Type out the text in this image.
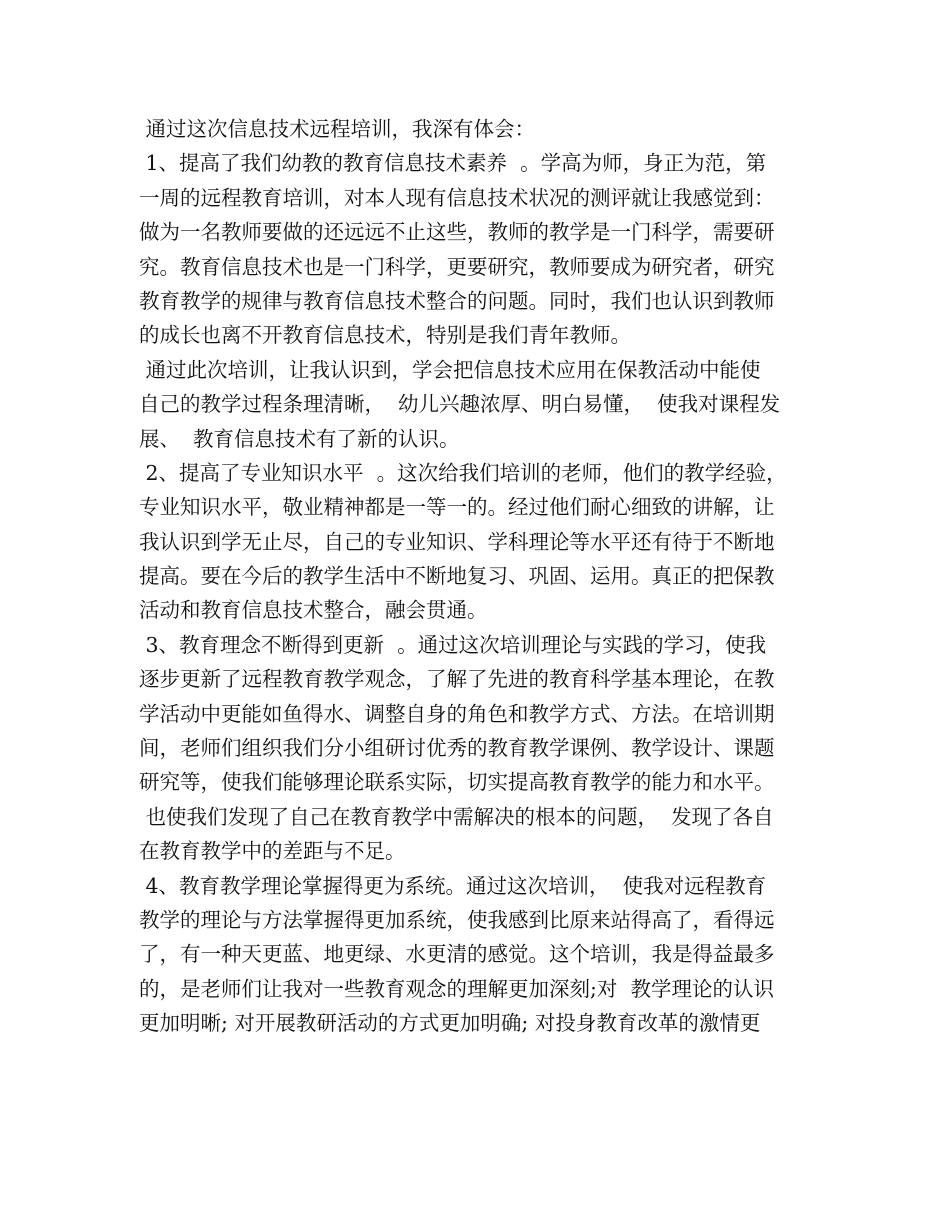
通过这次信息技术远程培训，我深有体会：
1、提高了我们幼教的教育信息技术素养  。学高为师，身正为范，第
一周的远程教育培训，对本人现有信息技术状况的测评就让我感觉到：
做为一名教师要做的还远远不止这些，教师的教学是一门科学，需要研
究。教育信息技术也是一门科学，更要研究，教师要成为研究者，研究
教育教学的规律与教育信息技术整合的问题。同时，我们也认识到教师
的成长也离不开教育信息技术，特别是我们青年教师。
通过此次培训，让我认识到，学会把信息技术应用在保教活动中能使
自己的教学过程条理清晰，  幼儿兴趣浓厚、明白易懂，  使我对课程发
展、  教育信息技术有了新的认识。
2、提高了专业知识水平  。这次给我们培训的老师，他们的教学经验，
专业知识水平，敬业精神都是一等一的。经过他们耐心细致的讲解，让
我认识到学无止尽，自己的专业知识、学科理论等水平还有待于不断地
提高。要在今后的教学生活中不断地复习、巩固、运用。真正的把保教
活动和教育信息技术整合，融会贯通。
3、教育理念不断得到更新  。通过这次培训理论与实践的学习，使我
逐步更新了远程教育教学观念，了解了先进的教育科学基本理论，在教
学活动中更能如鱼得水、调整自身的角色和教学方式、方法。在培训期
间，老师们组织我们分小组研讨优秀的教育教学课例、教学设计、课题
研究等，使我们能够理论联系实际，切实提高教育教学的能力和水平。
也使我们发现了自己在教育教学中需解决的根本的问题，  发现了各自
在教育教学中的差距与不足。
4、教育教学理论掌握得更为系统。通过这次培训，  使我对远程教育
教学的理论与方法掌握得更加系统，使我感到比原来站得高了，看得远
了，有一种天更蓝、地更绿、水更清的感觉。这个培训，我是得益最多
的，是老师们让我对一些教育观念的理解更加深刻;对  教学理论的认识
更加明晰; 对开展教研活动的方式更加明确; 对投身教育改革的激情更
